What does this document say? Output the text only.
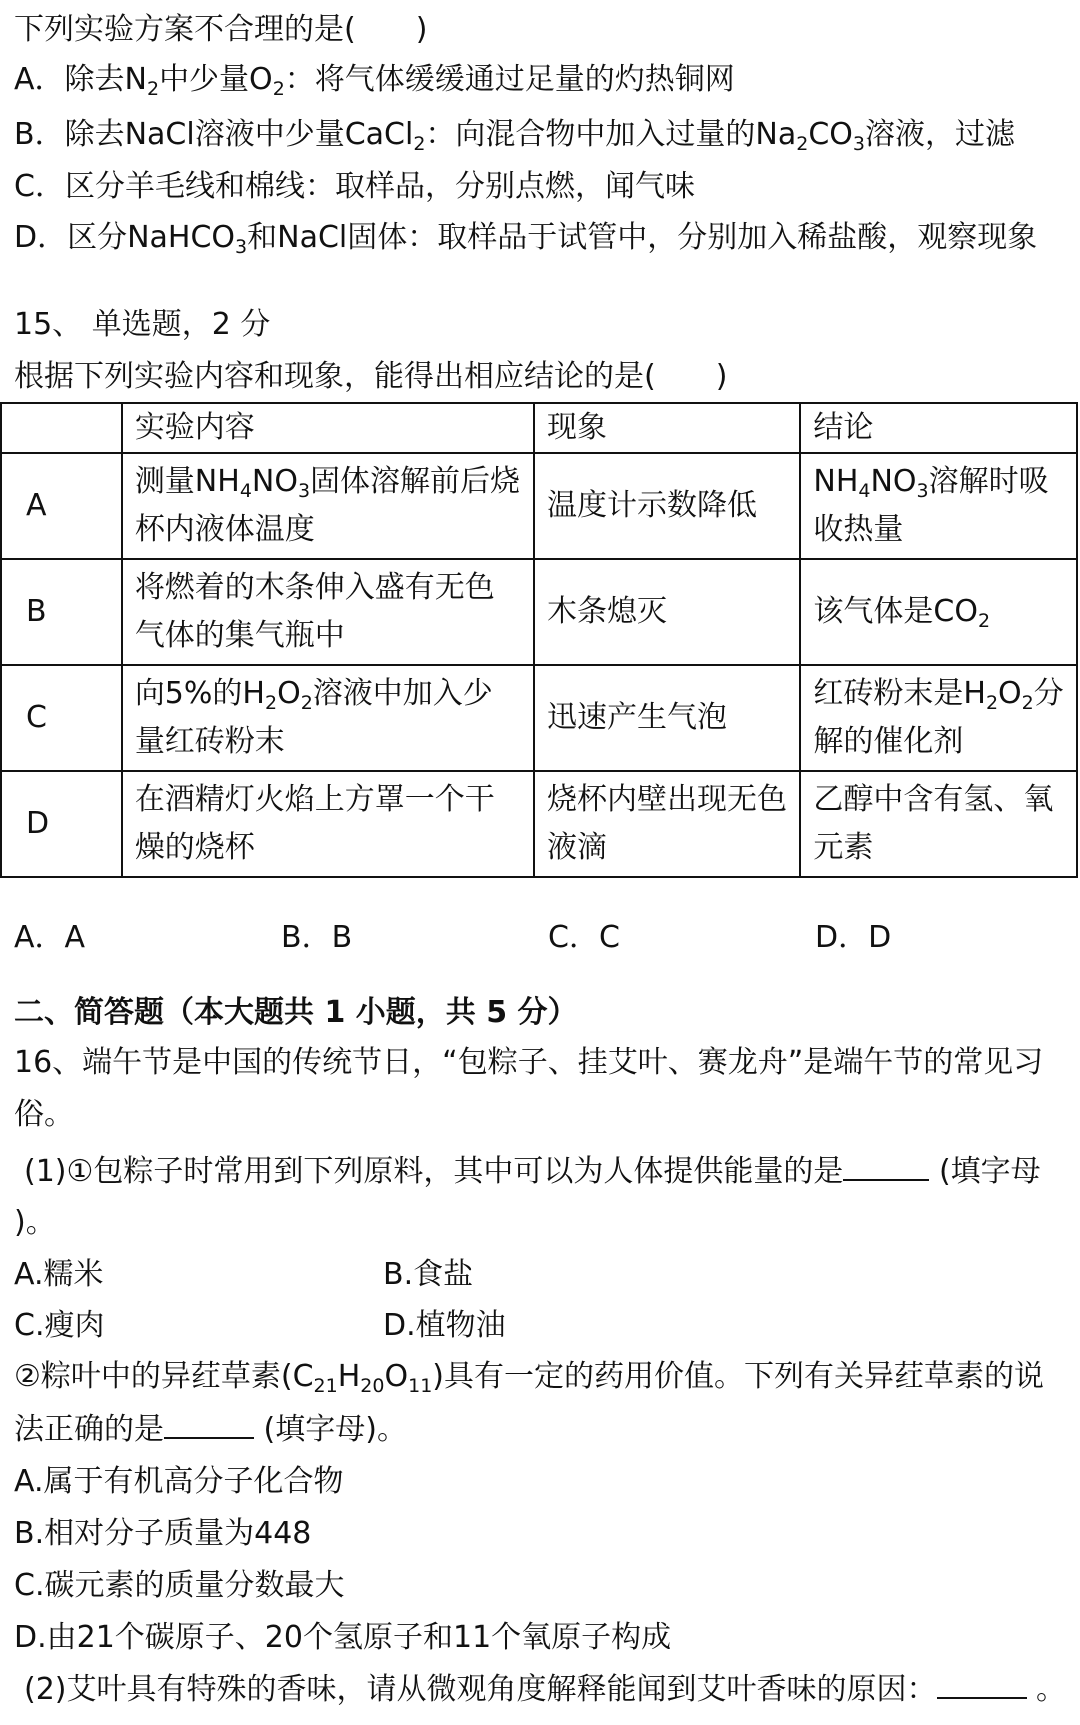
下列实验方案不合理的是(　　)
A．除去$N_2$中少量$O_2$：将气体缓缓通过足量的灼热铜网
B．除去NaCl溶液中少量CaCl$_2$：向混合物中加入过量的$Na_2CO_3$溶液，过滤
C．区分羊毛线和棉线：取样品，分别点燃，闻气味
D．区分NaHCO$_3$和NaCl固体：取样品于试管中，分别加入稀盐酸，观察现象
15、 单选题，2 分
根据下列实验内容和现象，能得出相应结论的是(　　)
	实验内容	现象	结论
A	测量$NH_4NO_3$固体溶解前后烧杯内液体温度	温度计示数降低	$NH_4NO_3$溶解时吸收热量
B	将燃着的木条伸入盛有无色气体的集气瓶中	木条熄灭	该气体是$CO_2$
C	向5%的$H_2O_2$溶液中加入少量红砖粉末	迅速产生气泡	红砖粉末是$H_2O_2$分解的催化剂
D	在酒精灯火焰上方罩一个干燥的烧杯	烧杯内壁出现无色液滴	乙醇中含有氢、氧元素
A．A	B．B	C．C	D．D
二、简答题（本大题共 1 小题，共 5 分）
16、端午节是中国的传统节日，“包粽子、挂艾叶、赛龙舟”是端午节的常见习
俗。
(1)①包粽子时常用到下列原料，其中可以为人体提供能量的是	(填字母
)。
A.糯米	B.食盐
C.瘦肉	D.植物油
②粽叶中的异荭草素$(C_{21}H_{20}O_{11})$具有一定的药用价值。下列有关异荭草素的说
法正确的是	(填字母)。
A.属于有机高分子化合物
B.相对分子质量为448
C.碳元素的质量分数最大
D.由21个碳原子、20个氢原子和11个氧原子构成
(2)艾叶具有特殊的香味，请从微观角度解释能闻到艾叶香味的原因：	。
